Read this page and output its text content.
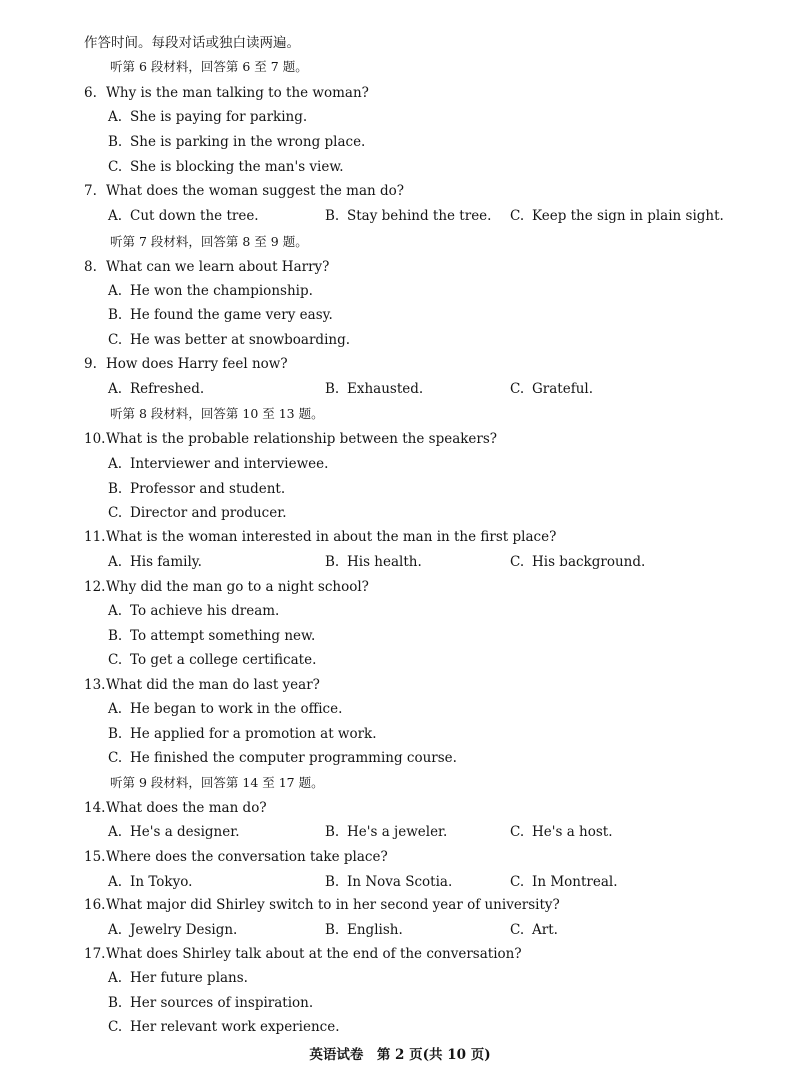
作答时间。每段对话或独白读两遍。
听第 6 段材料，回答第 6 至 7 题。
6. Why is the man talking to the woman?
A. She is paying for parking.
B. She is parking in the wrong place.
C. She is blocking the man's view.
7. What does the woman suggest the man do?
A. Cut down the tree.	B. Stay behind the tree. C. Keep the sign in plain sight.
听第 7 段材料，回答第 8 至 9 题。
8. What can we learn about Harry?
A. He won the championship.
B. He found the game very easy.
C. He was better at snowboarding.
9. How does Harry feel now?
A. Refreshed.	B. Exhausted.	C. Grateful.
听第 8 段材料，回答第 10 至 13 题。
10.What is the probable relationship between the speakers?
A. Interviewer and interviewee.
B. Professor and student.
C. Director and producer.
11.What is the woman interested in about the man in the first place?
A. His family.	B. His health.	C. His background.
12.Why did the man go to a night school?
A. To achieve his dream.
B. To attempt something new.
C. To get a college certificate.
13.What did the man do last year?
A. He began to work in the office.
B. He applied for a promotion at work.
C. He finished the computer programming course.
听第 9 段材料，回答第 14 至 17 题。
14.What does the man do?
A. He's a designer.	B. He's a jeweler.	C. He's a host.
15.Where does the conversation take place?
A. In Tokyo.	B. In Nova Scotia.	C. In Montreal.
16.What major did Shirley switch to in her second year of university?
A. Jewelry Design.	B. English.	C. Art.
17.What does Shirley talk about at the end of the conversation?
A. Her future plans.
B. Her sources of inspiration.
C. Her relevant work experience.
英语试卷　第 2 页(共 10 页)
